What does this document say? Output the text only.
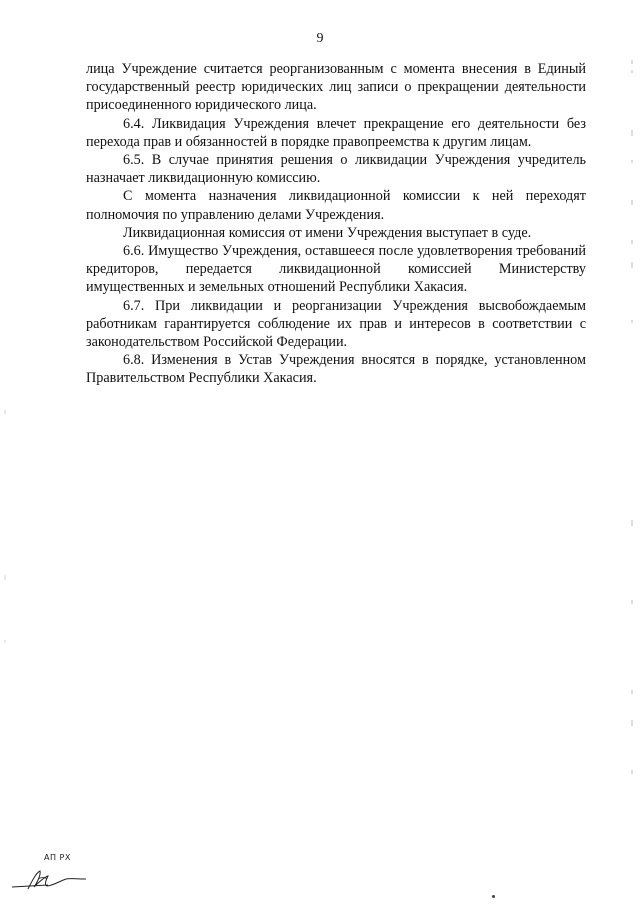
9

лица Учреждение считается реорганизованным с момента внесения в Единый государственный реестр юридических лиц записи о прекращении деятельности присоединенного юридического лица.

6.4. Ликвидация Учреждения влечет прекращение его деятельности без перехода прав и обязанностей в порядке правопреемства к другим лицам.

6.5. В случае принятия решения о ликвидации Учреждения учредитель назначает ликвидационную комиссию.

С момента назначения ликвидационной комиссии к ней переходят полномочия по управлению делами Учреждения.

Ликвидационная комиссия от имени Учреждения выступает в суде.

6.6. Имущество Учреждения, оставшееся после удовлетворения требований кредиторов, передается ликвидационной комиссией Министерству имущественных и земельных отношений Республики Хакасия.

6.7. При ликвидации и реорганизации Учреждения высвобождаемым работникам гарантируется соблюдение их прав и интересов в соответствии с законодательством Российской Федерации.

6.8. Изменения в Устав Учреждения вносятся в порядке, установленном Правительством Республики Хакасия.

АП РХ
